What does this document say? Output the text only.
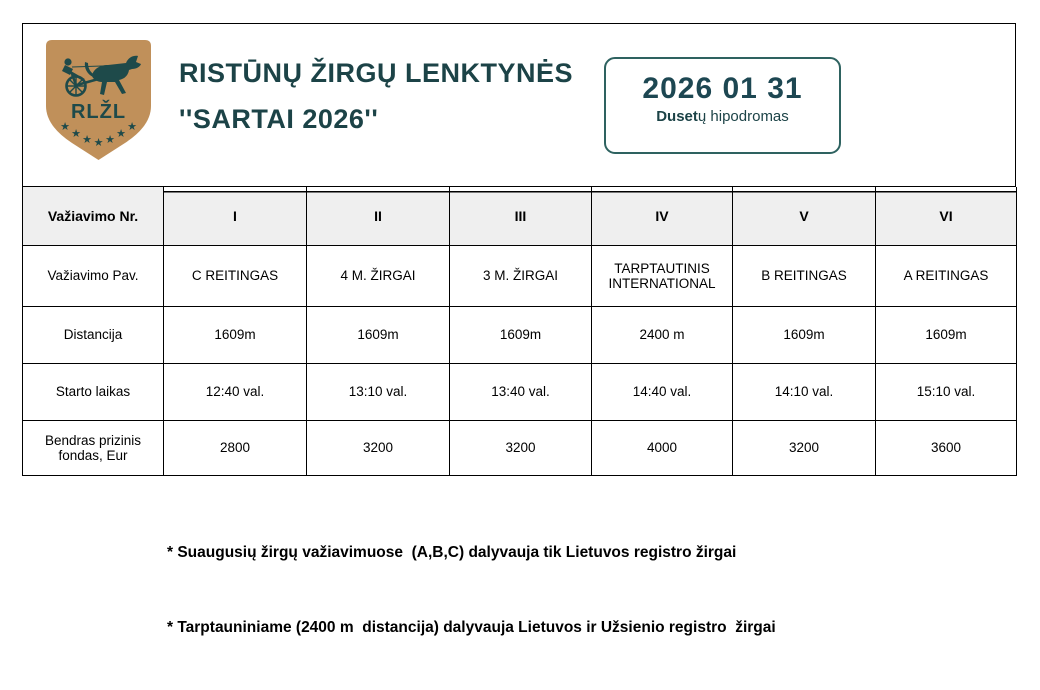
RLŽL
★
★ ★ ★ ★ ★
★
RISTŪNŲ ŽIRGŲ LENKTYNĖS
''SARTAI 2026''
2026 01 31
Dusetų hipodromas
Važiavimo Nr.	I	II	III	IV	V	VI
Važiavimo Pav.	C REITINGAS	4 M. ŽIRGAI	3 M. ŽIRGAI	TARPTAUTINIS INTERNATIONAL	B REITINGAS	A REITINGAS
Distancija	1609m	1609m	1609m	2400 m	1609m	1609m
Starto laikas	12:40 val.	13:10 val.	13:40 val.	14:40 val.	14:10 val.	15:10 val.
Bendras prizinis fondas, Eur	2800	3200	3200	4000	3200	3600

* Suaugusių žirgų važiavimuose  (A,B,C) dalyvauja tik Lietuvos registro žirgai

* Tarptauniniame (2400 m  distancija) dalyvauja Lietuvos ir Užsienio registro  žirgai
